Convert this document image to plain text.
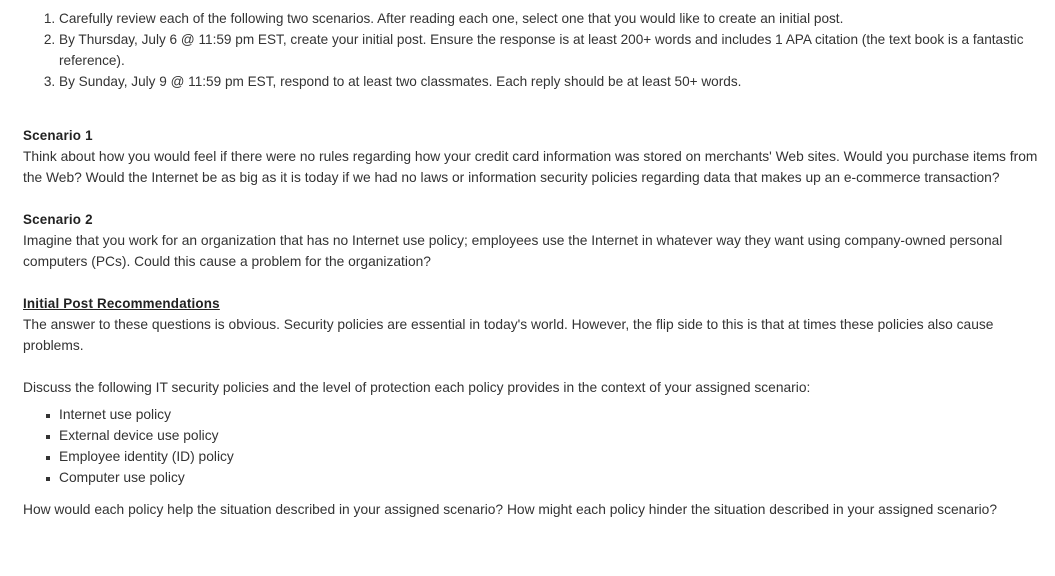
1. Carefully review each of the following two scenarios. After reading each one, select one that you would like to create an initial post.
2. By Thursday, July 6 @ 11:59 pm EST, create your initial post. Ensure the response is at least 200+ words and includes 1 APA citation (the text book is a fantastic reference).
3. By Sunday, July 9 @ 11:59 pm EST, respond to at least two classmates. Each reply should be at least 50+ words.
Scenario 1

Think about how you would feel if there were no rules regarding how your credit card information was stored on merchants' Web sites. Would you purchase items from the Web? Would the Internet be as big as it is today if we had no laws or information security policies regarding data that makes up an e-commerce transaction?

Scenario 2

Imagine that you work for an organization that has no Internet use policy; employees use the Internet in whatever way they want using company-owned personal computers (PCs). Could this cause a problem for the organization?

Initial Post Recommendations

The answer to these questions is obvious. Security policies are essential in today's world. However, the flip side to this is that at times these policies also cause problems.

Discuss the following IT security policies and the level of protection each policy provides in the context of your assigned scenario:

Internet use policy
External device use policy
Employee identity (ID) policy
Computer use policy

How would each policy help the situation described in your assigned scenario? How might each policy hinder the situation described in your assigned scenario?
